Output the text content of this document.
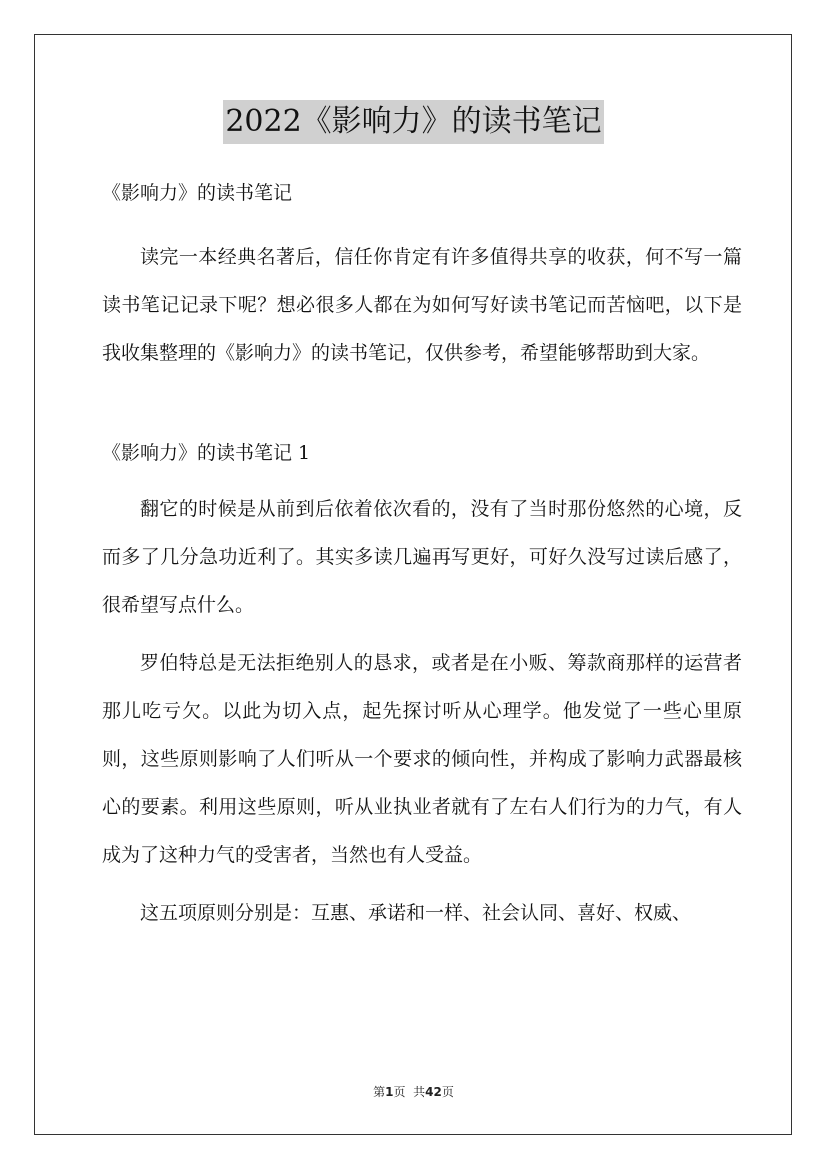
2022《影响力》的读书笔记

《影响力》的读书笔记

读完一本经典名著后，信任你肯定有许多值得共享的收获，何不写一篇读书笔记记录下呢？想必很多人都在为如何写好读书笔记而苦恼吧，以下是我收集整理的《影响力》的读书笔记，仅供参考，希望能够帮助到大家。

《影响力》的读书笔记 1

翻它的时候是从前到后依着依次看的，没有了当时那份悠然的心境，反而多了几分急功近利了。其实多读几遍再写更好，可好久没写过读后感了，很希望写点什么。

罗伯特总是无法拒绝别人的恳求，或者是在小贩、筹款商那样的运营者那儿吃亏欠。以此为切入点，起先探讨听从心理学。他发觉了一些心里原则，这些原则影响了人们听从一个要求的倾向性，并构成了影响力武器最核心的要素。利用这些原则，听从业执业者就有了左右人们行为的力气，有人成为了这种力气的受害者，当然也有人受益。

这五项原则分别是：互惠、承诺和一样、社会认同、喜好、权威、

第1页 共42页
